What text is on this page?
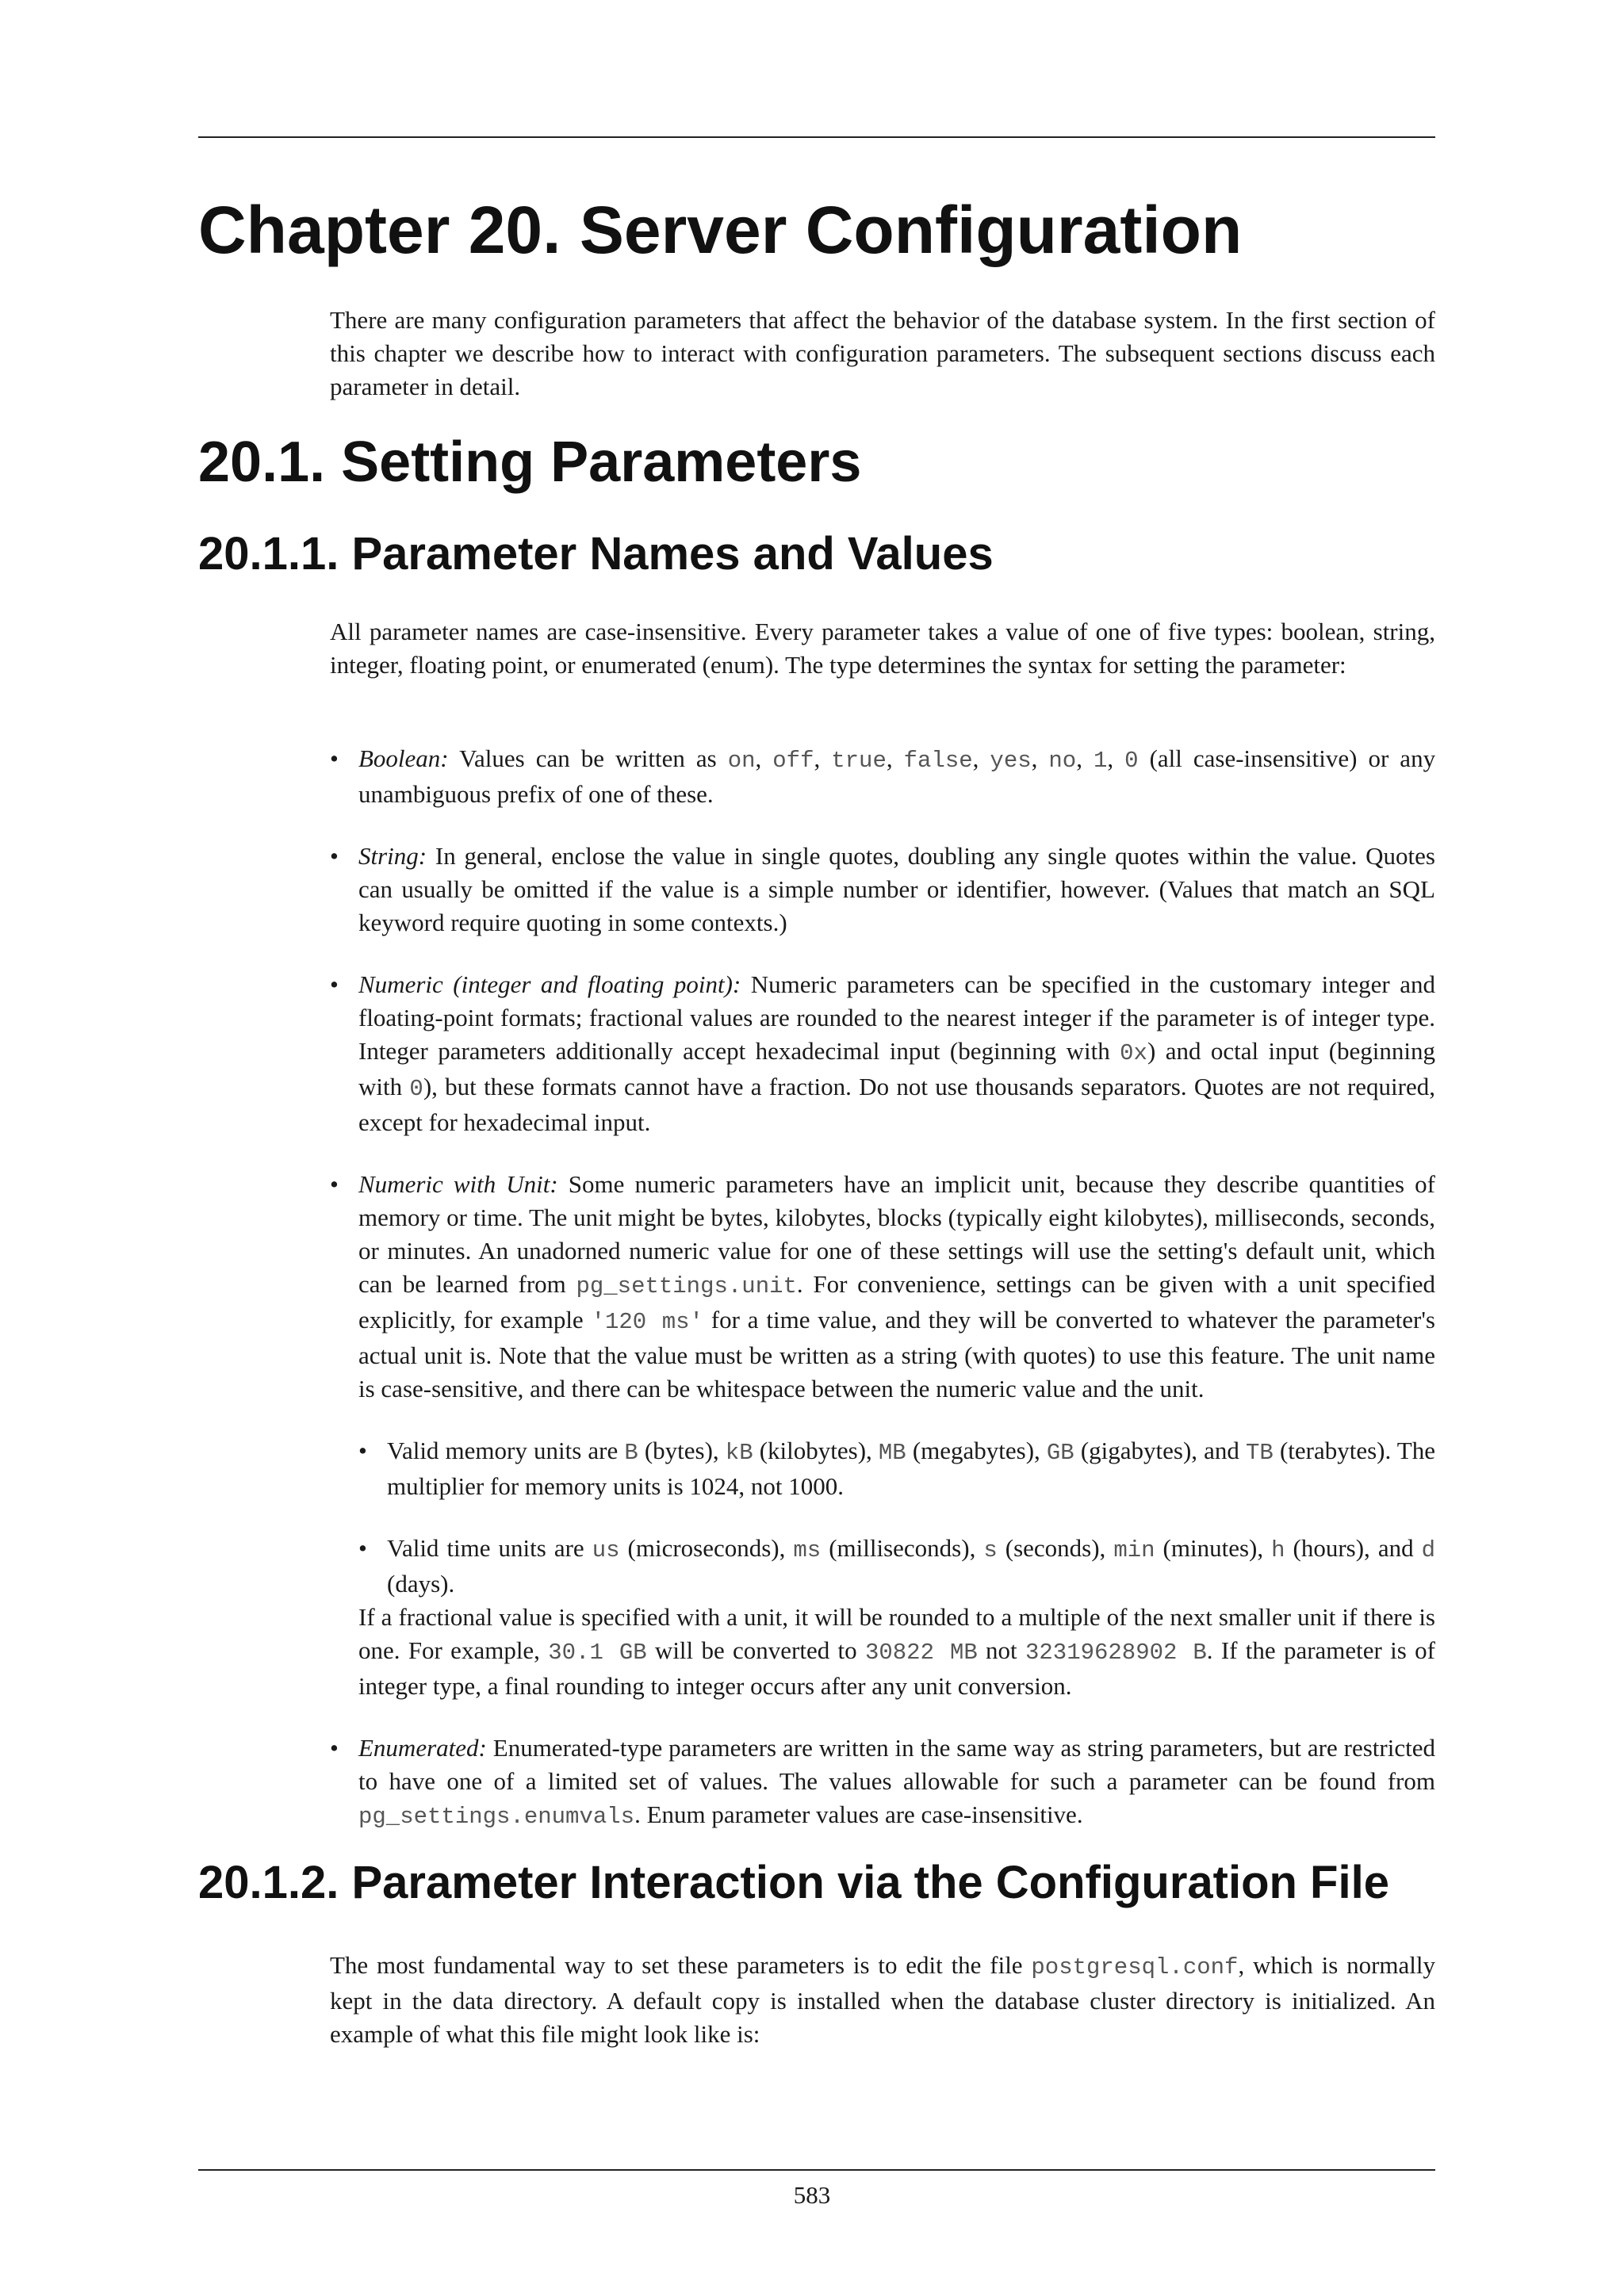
Chapter 20. Server Configuration

There are many configuration parameters that affect the behavior of the database system. In the first section of this chapter we describe how to interact with configuration parameters. The subsequent sections discuss each parameter in detail.

20.1. Setting Parameters
20.1.1. Parameter Names and Values

All parameter names are case-insensitive. Every parameter takes a value of one of five types: boolean, string, integer, floating point, or enumerated (enum). The type determines the syntax for setting the parameter:

• Boolean: Values can be written as on, off, true, false, yes, no, 1, 0 (all case-insensitive) or any unambiguous prefix of one of these.
• String: In general, enclose the value in single quotes, doubling any single quotes within the value. Quotes can usually be omitted if the value is a simple number or identifier, however. (Values that match an SQL keyword require quoting in some contexts.)
• Numeric (integer and floating point): Numeric parameters can be specified in the customary integer and floating-point formats; fractional values are rounded to the nearest integer if the parameter is of integer type. Integer parameters additionally accept hexadecimal input (beginning with 0x) and octal input (beginning with 0), but these formats cannot have a fraction. Do not use thousands separators. Quotes are not required, except for hexadecimal input.
• Numeric with Unit: Some numeric parameters have an implicit unit, because they describe quantities of memory or time. The unit might be bytes, kilobytes, blocks (typically eight kilobytes), milliseconds, seconds, or minutes. An unadorned numeric value for one of these settings will use the setting's default unit, which can be learned from pg_settings.unit. For convenience, settings can be given with a unit specified explicitly, for example '120 ms' for a time value, and they will be converted to whatever the parameter's actual unit is. Note that the value must be written as a string (with quotes) to use this feature. The unit name is case-sensitive, and there can be whitespace between the numeric value and the unit.
• Valid memory units are B (bytes), kB (kilobytes), MB (megabytes), GB (gigabytes), and TB (terabytes). The multiplier for memory units is 1024, not 1000.
• Valid time units are us (microseconds), ms (milliseconds), s (seconds), min (minutes), h (hours), and d (days).
If a fractional value is specified with a unit, it will be rounded to a multiple of the next smaller unit if there is one. For example, 30.1 GB will be converted to 30822 MB not 32319628902 B. If the parameter is of integer type, a final rounding to integer occurs after any unit conversion.
• Enumerated: Enumerated-type parameters are written in the same way as string parameters, but are restricted to have one of a limited set of values. The values allowable for such a parameter can be found from pg_settings.enumvals. Enum parameter values are case-insensitive.
20.1.2. Parameter Interaction via the Configuration File

The most fundamental way to set these parameters is to edit the file postgresql.conf, which is normally kept in the data directory. A default copy is installed when the database cluster directory is initialized. An example of what this file might look like is:

583
